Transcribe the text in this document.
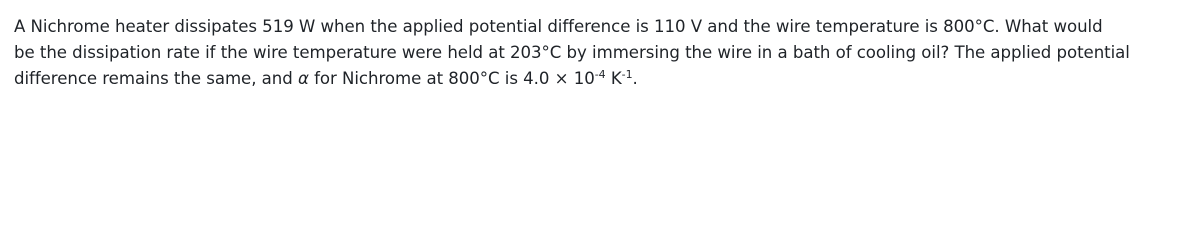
A Nichrome heater dissipates 519 W when the applied potential difference is 110 V and the wire temperature is 800°C. What would
be the dissipation rate if the wire temperature were held at 203°C by immersing the wire in a bath of cooling oil? The applied potential
difference remains the same, and α for Nichrome at 800°C is $4.0 \times 10^{-4}$ $K^{-1}$.
